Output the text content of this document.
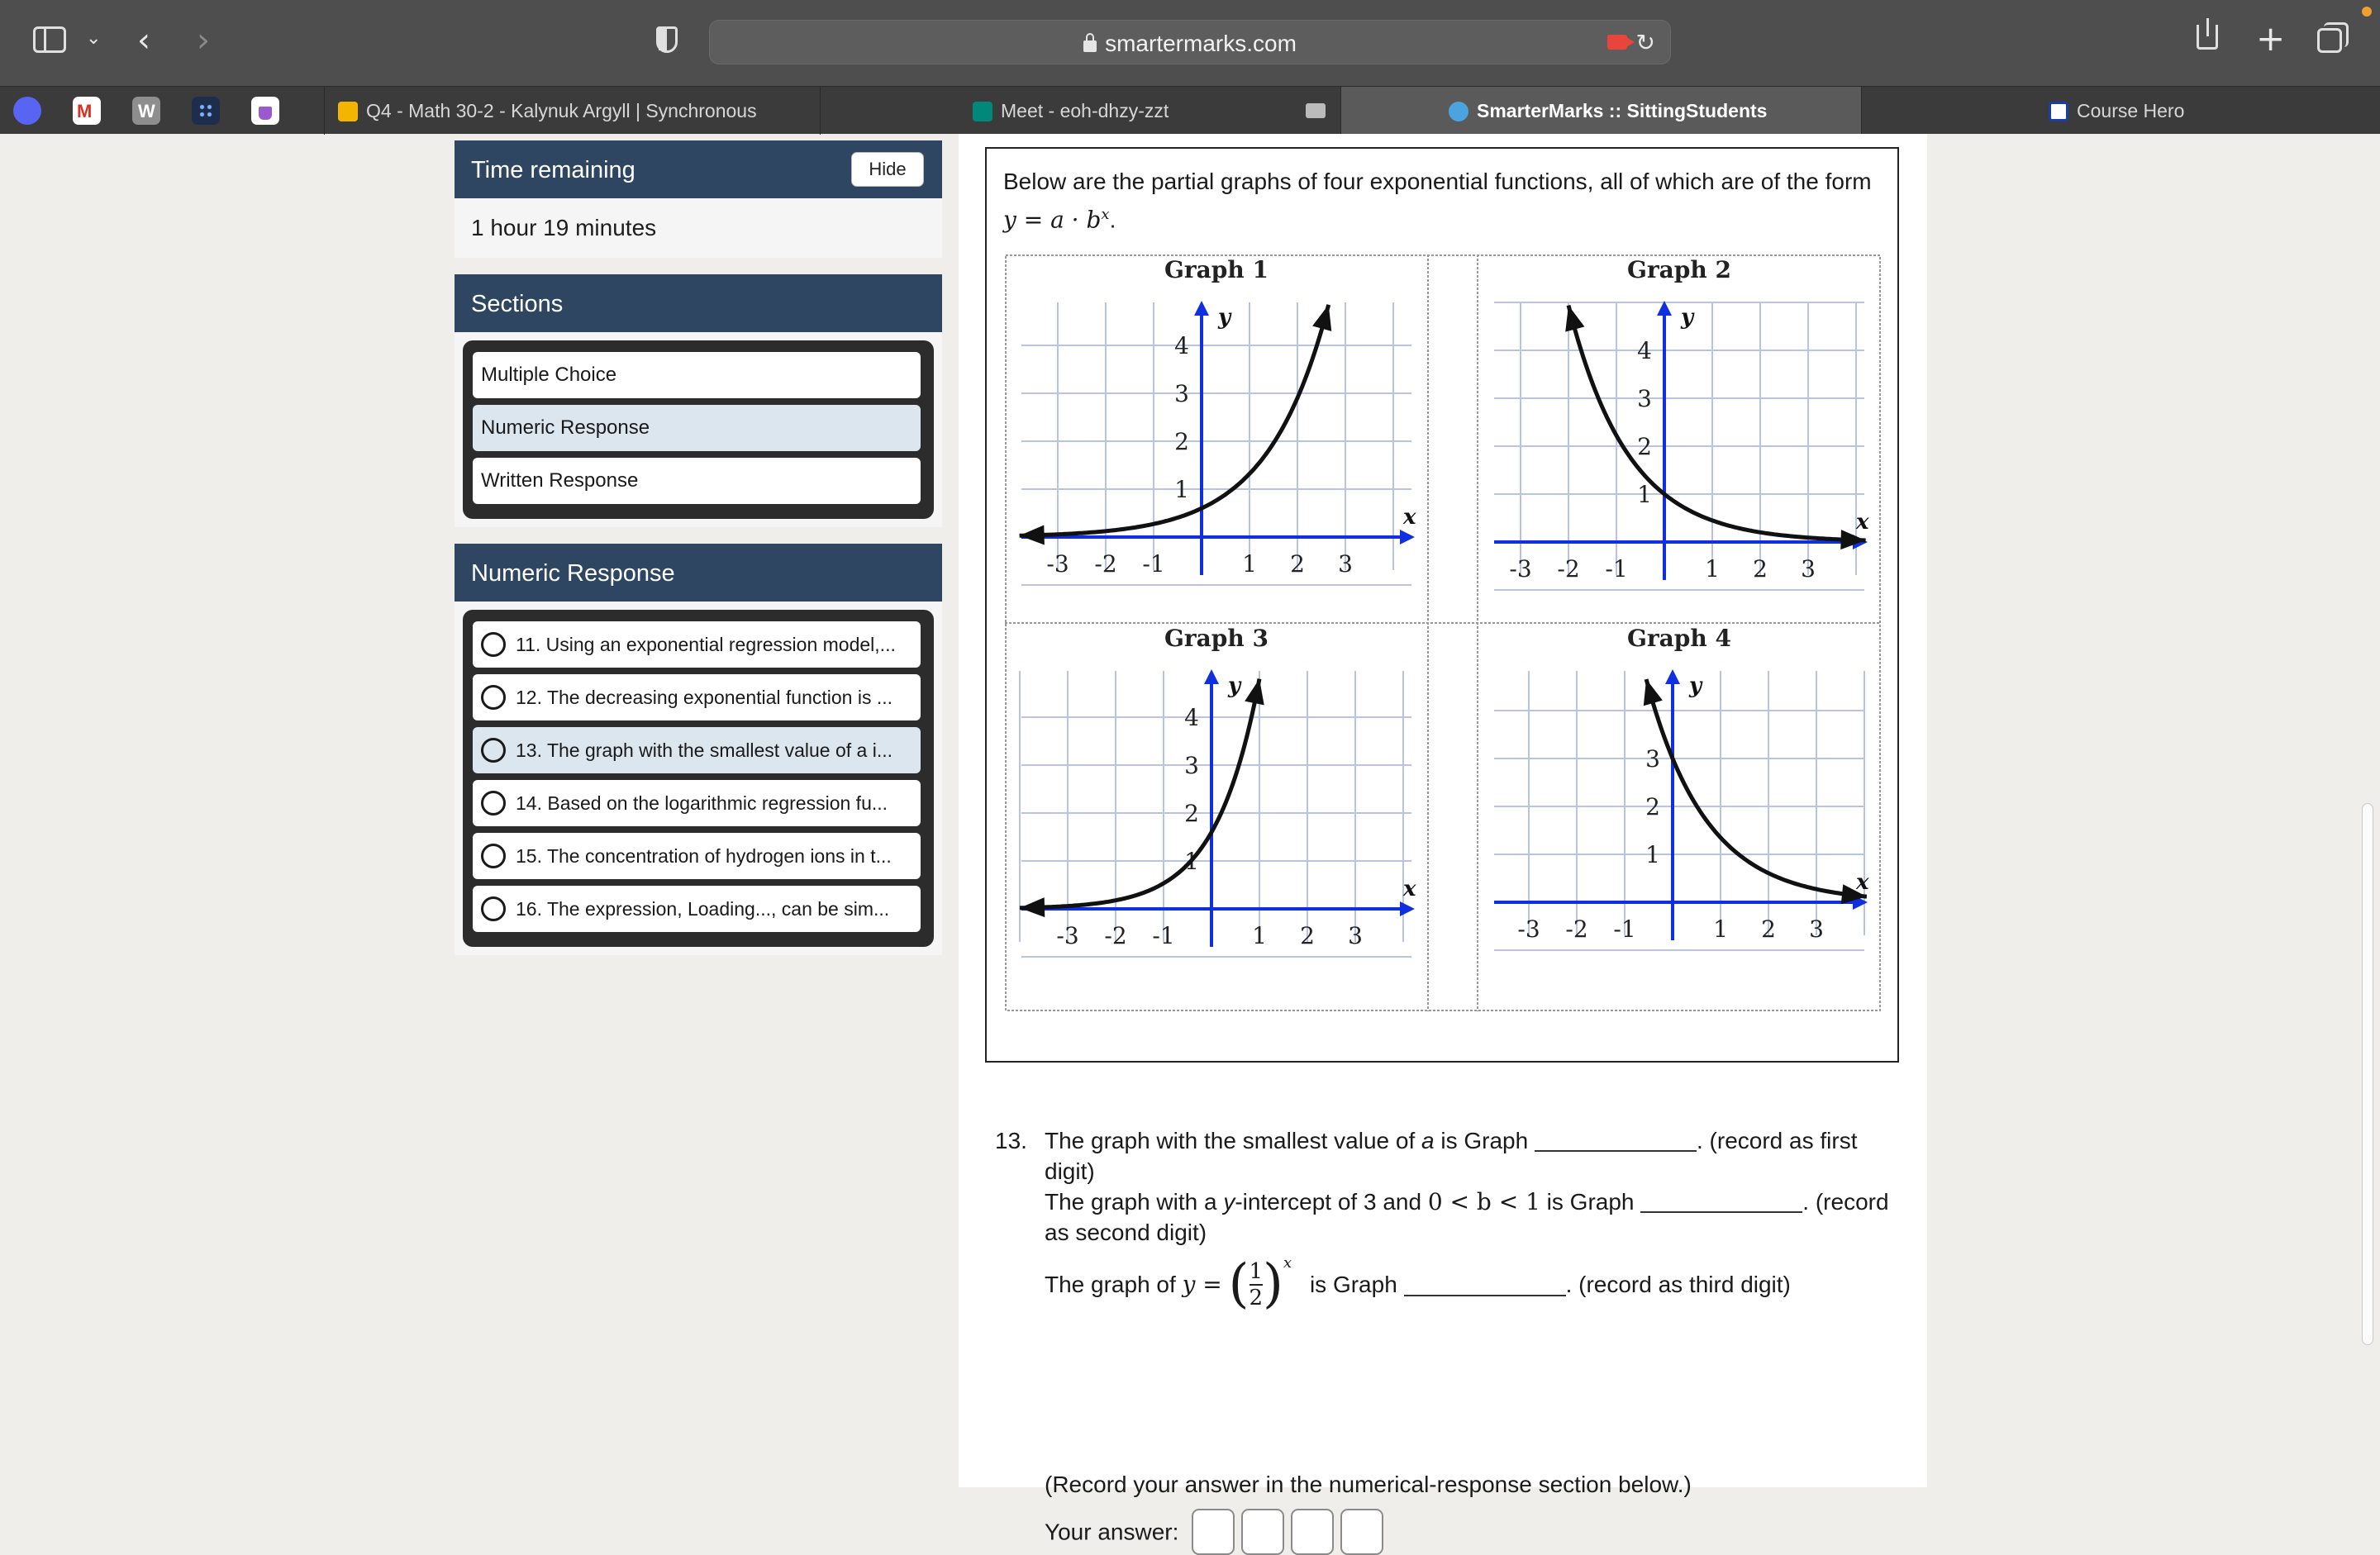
⌄ ‹ ›	smartermarks.com	↻	+
M	W	Q4 - Math 30-2 - Kalynuk Argyll | Synchronous	Meet - eoh-dhzy-zzt	SmarterMarks :: SittingStudents	Course Hero
Time remaining	Hide
1 hour 19 minutes
Sections
Multiple Choice
Numeric Response
Written Response
Numeric Response
11. Using an exponential regression model,...
12. The decreasing exponential function is ...
13. The graph with the smallest value of a i...
14. Based on the logarithmic regression fu...
15. The concentration of hydrogen ions in t...
16. The expression, Loading..., can be sim...
Below are the partial graphs of four exponential functions, all of which are of the form
$y = a \cdot b^x$.
Graph 1
x
y
-3 -2 -1	1 2 3
1
2
3
4
Graph 2
x
y
-3 -2 -1	1 2 3
1
2
3
4
Graph 3
x
y
-3 -2 -1	1 2 3
1
2
3
4
Graph 4
x
y
-3 -2 -1	1 2 3
1
2
3
13. The graph with the smallest value of a is Graph	. (record as first
digit)
The graph with a y-intercept of 3 and 0 < b < 1 is Graph	. (record
as second digit)
The graph of $y = (\frac{1}{2} )^x$ is Graph	. (record as third digit)
(Record your answer in the numerical-response section below.)
Your answer:
